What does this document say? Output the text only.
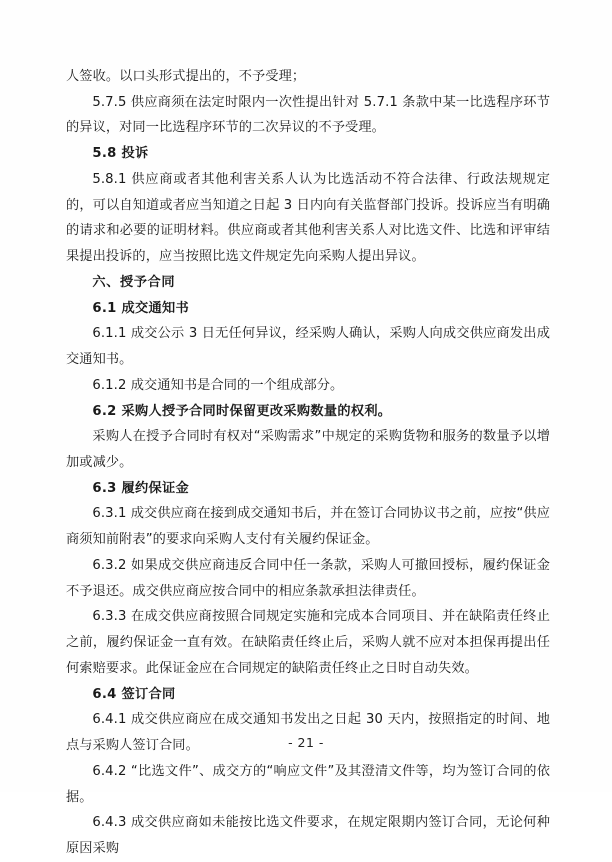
人签收。以口头形式提出的，不予受理；

5.7.5 供应商须在法定时限内一次性提出针对 5.7.1 条款中某一比选程序环节的异议，对同一比选程序环节的二次异议的不予受理。

5.8 投诉

5.8.1 供应商或者其他利害关系人认为比选活动不符合法律、行政法规规定的，可以自知道或者应当知道之日起 3 日内向有关监督部门投诉。投诉应当有明确的请求和必要的证明材料。供应商或者其他利害关系人对比选文件、比选和评审结果提出投诉的，应当按照比选文件规定先向采购人提出异议。

六、授予合同

6.1 成交通知书

6.1.1 成交公示 3 日无任何异议，经采购人确认，采购人向成交供应商发出成交通知书。

6.1.2 成交通知书是合同的一个组成部分。

6.2 采购人授予合同时保留更改采购数量的权利。

采购人在授予合同时有权对“采购需求”中规定的采购货物和服务的数量予以增加或减少。

6.3 履约保证金

6.3.1 成交供应商在接到成交通知书后，并在签订合同协议书之前，应按“供应商须知前附表”的要求向采购人支付有关履约保证金。

6.3.2 如果成交供应商违反合同中任一条款，采购人可撤回授标，履约保证金不予退还。成交供应商应按合同中的相应条款承担法律责任。

6.3.3 在成交供应商按照合同规定实施和完成本合同项目、并在缺陷责任终止之前，履约保证金一直有效。在缺陷责任终止后，采购人就不应对本担保再提出任何索赔要求。此保证金应在合同规定的缺陷责任终止之日时自动失效。

6.4 签订合同

6.4.1 成交供应商应在成交通知书发出之日起 30 天内，按照指定的时间、地点与采购人签订合同。

6.4.2 “比选文件”、成交方的“响应文件”及其澄清文件等，均为签订合同的依据。

6.4.3 成交供应商如未能按比选文件要求，在规定限期内签订合同，无论何种原因采购

- 21 -
